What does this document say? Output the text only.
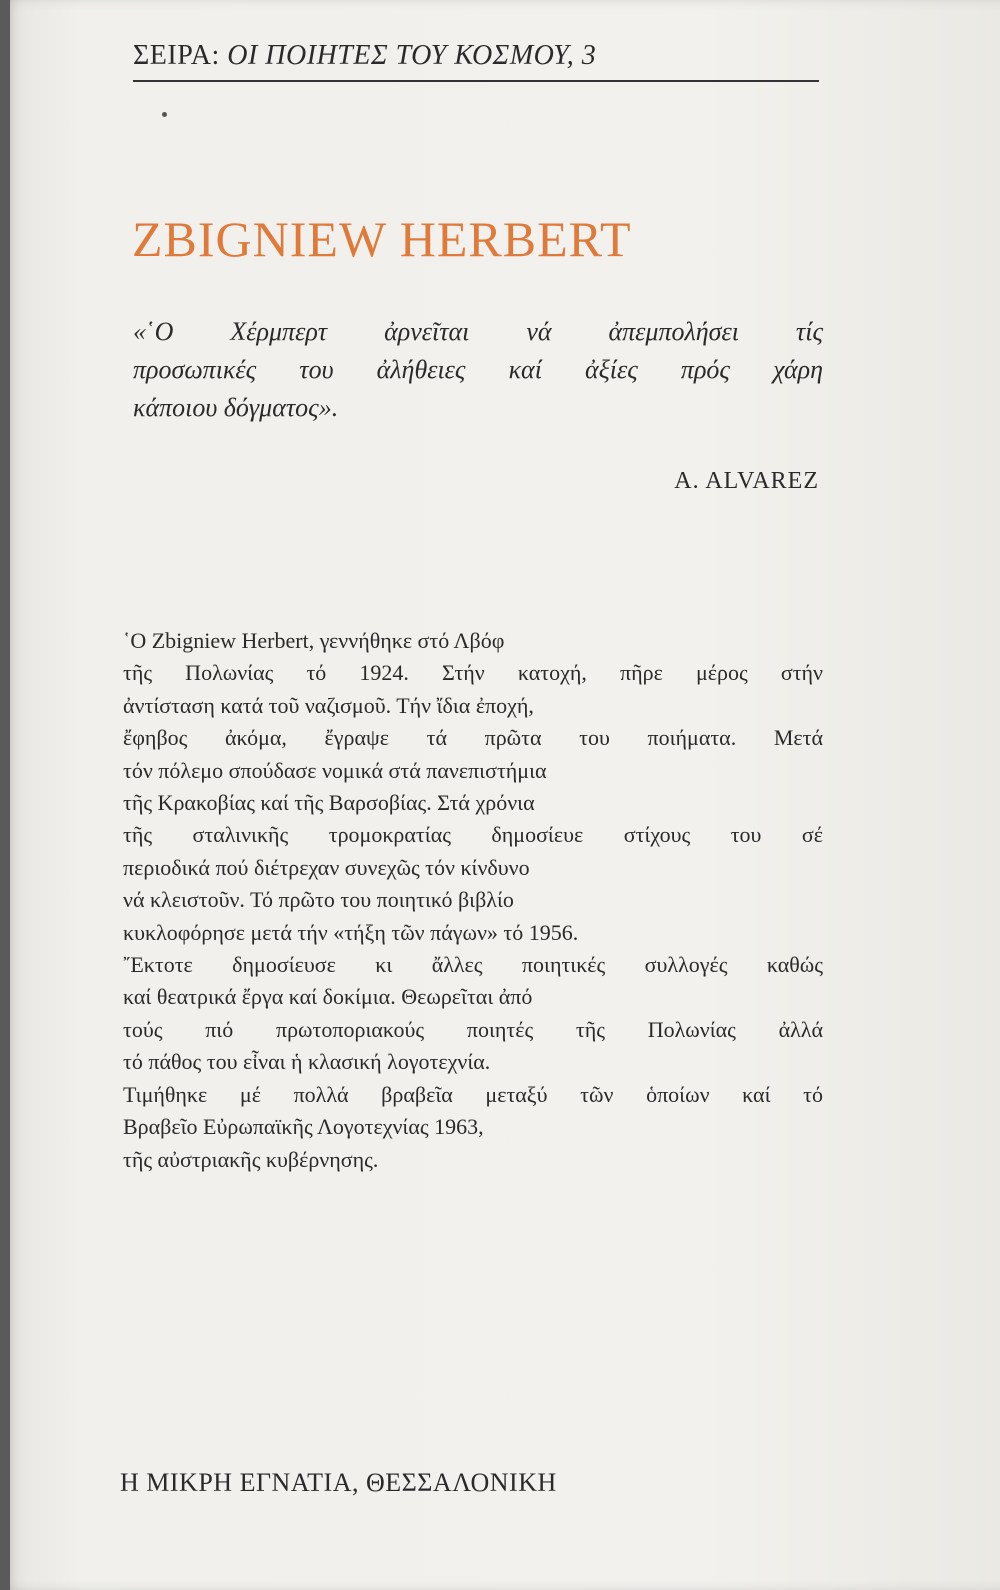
ΣΕΙΡΑ: ΟΙ ΠΟΙΗΤΕΣ ΤΟΥ ΚΟΣΜΟΥ, 3
ZBIGNIEW HERBERT
«῾Ο Χέρμπερτ ἀρνεῖται νά ἀπεμπολήσει τίς
προσωπικές του ἀλήθειες καί ἀξίες πρός χάρη
κάποιου δόγματος».
A. ALVAREZ
῾Ο Zbigniew Herbert, γεννήθηκε στό Λβόφ
τῆς Πολωνίας τό 1924. Στήν κατοχή, πῆρε μέρος στήν
ἀντίσταση κατά τοῦ ναζισμοῦ. Τήν ἴδια ἐποχή,
ἔφηβος ἀκόμα, ἔγραψε τά πρῶτα του ποιήματα. Μετά
τόν πόλεμο σπούδασε νομικά στά πανεπιστήμια
τῆς Κρακοβίας καί τῆς Βαρσοβίας. Στά χρόνια
τῆς σταλινικῆς τρομοκρατίας δημοσίευε στίχους του σέ
περιοδικά πού διέτρεχαν συνεχῶς τόν κίνδυνο
νά κλειστοῦν. Τό πρῶτο του ποιητικό βιβλίο
κυκλοφόρησε μετά τήν «τήξη τῶν πάγων» τό 1956.
῎Εκτοτε δημοσίευσε κι ἄλλες ποιητικές συλλογές καθώς
καί θεατρικά ἔργα καί δοκίμια. Θεωρεῖται ἀπό
τούς πιό πρωτοποριακούς ποιητές τῆς Πολωνίας ἀλλά
τό πάθος του εἶναι ἡ κλασική λογοτεχνία.
Τιμήθηκε μέ πολλά βραβεῖα μεταξύ τῶν ὁποίων καί τό
Βραβεῖο Εὐρωπαϊκῆς Λογοτεχνίας 1963,
τῆς αὐστριακῆς κυβέρνησης.
Η ΜΙΚΡΗ ΕΓΝΑΤΙΑ, ΘΕΣΣΑΛΟΝΙΚΗ
